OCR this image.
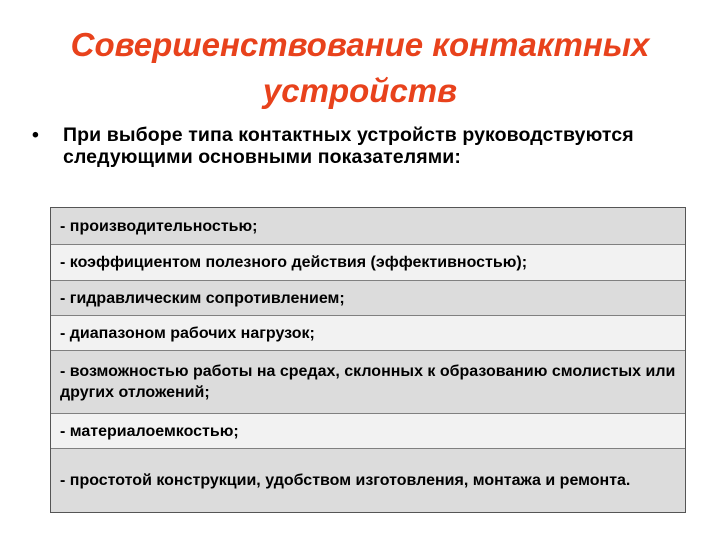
Совершенствование контактных устройств
•	При выборе типа контактных устройств руководствуются следующими основными показателями:
- производительностью;
- коэффициентом полезного действия (эффективностью);
- гидравлическим сопротивлением;
- диапазоном рабочих нагрузок;
- возможностью работы на средах, склонных к образованию смолистых или других отложений;
- материалоемкостью;
- простотой конструкции, удобством изготовления, монтажа и ремонта.
